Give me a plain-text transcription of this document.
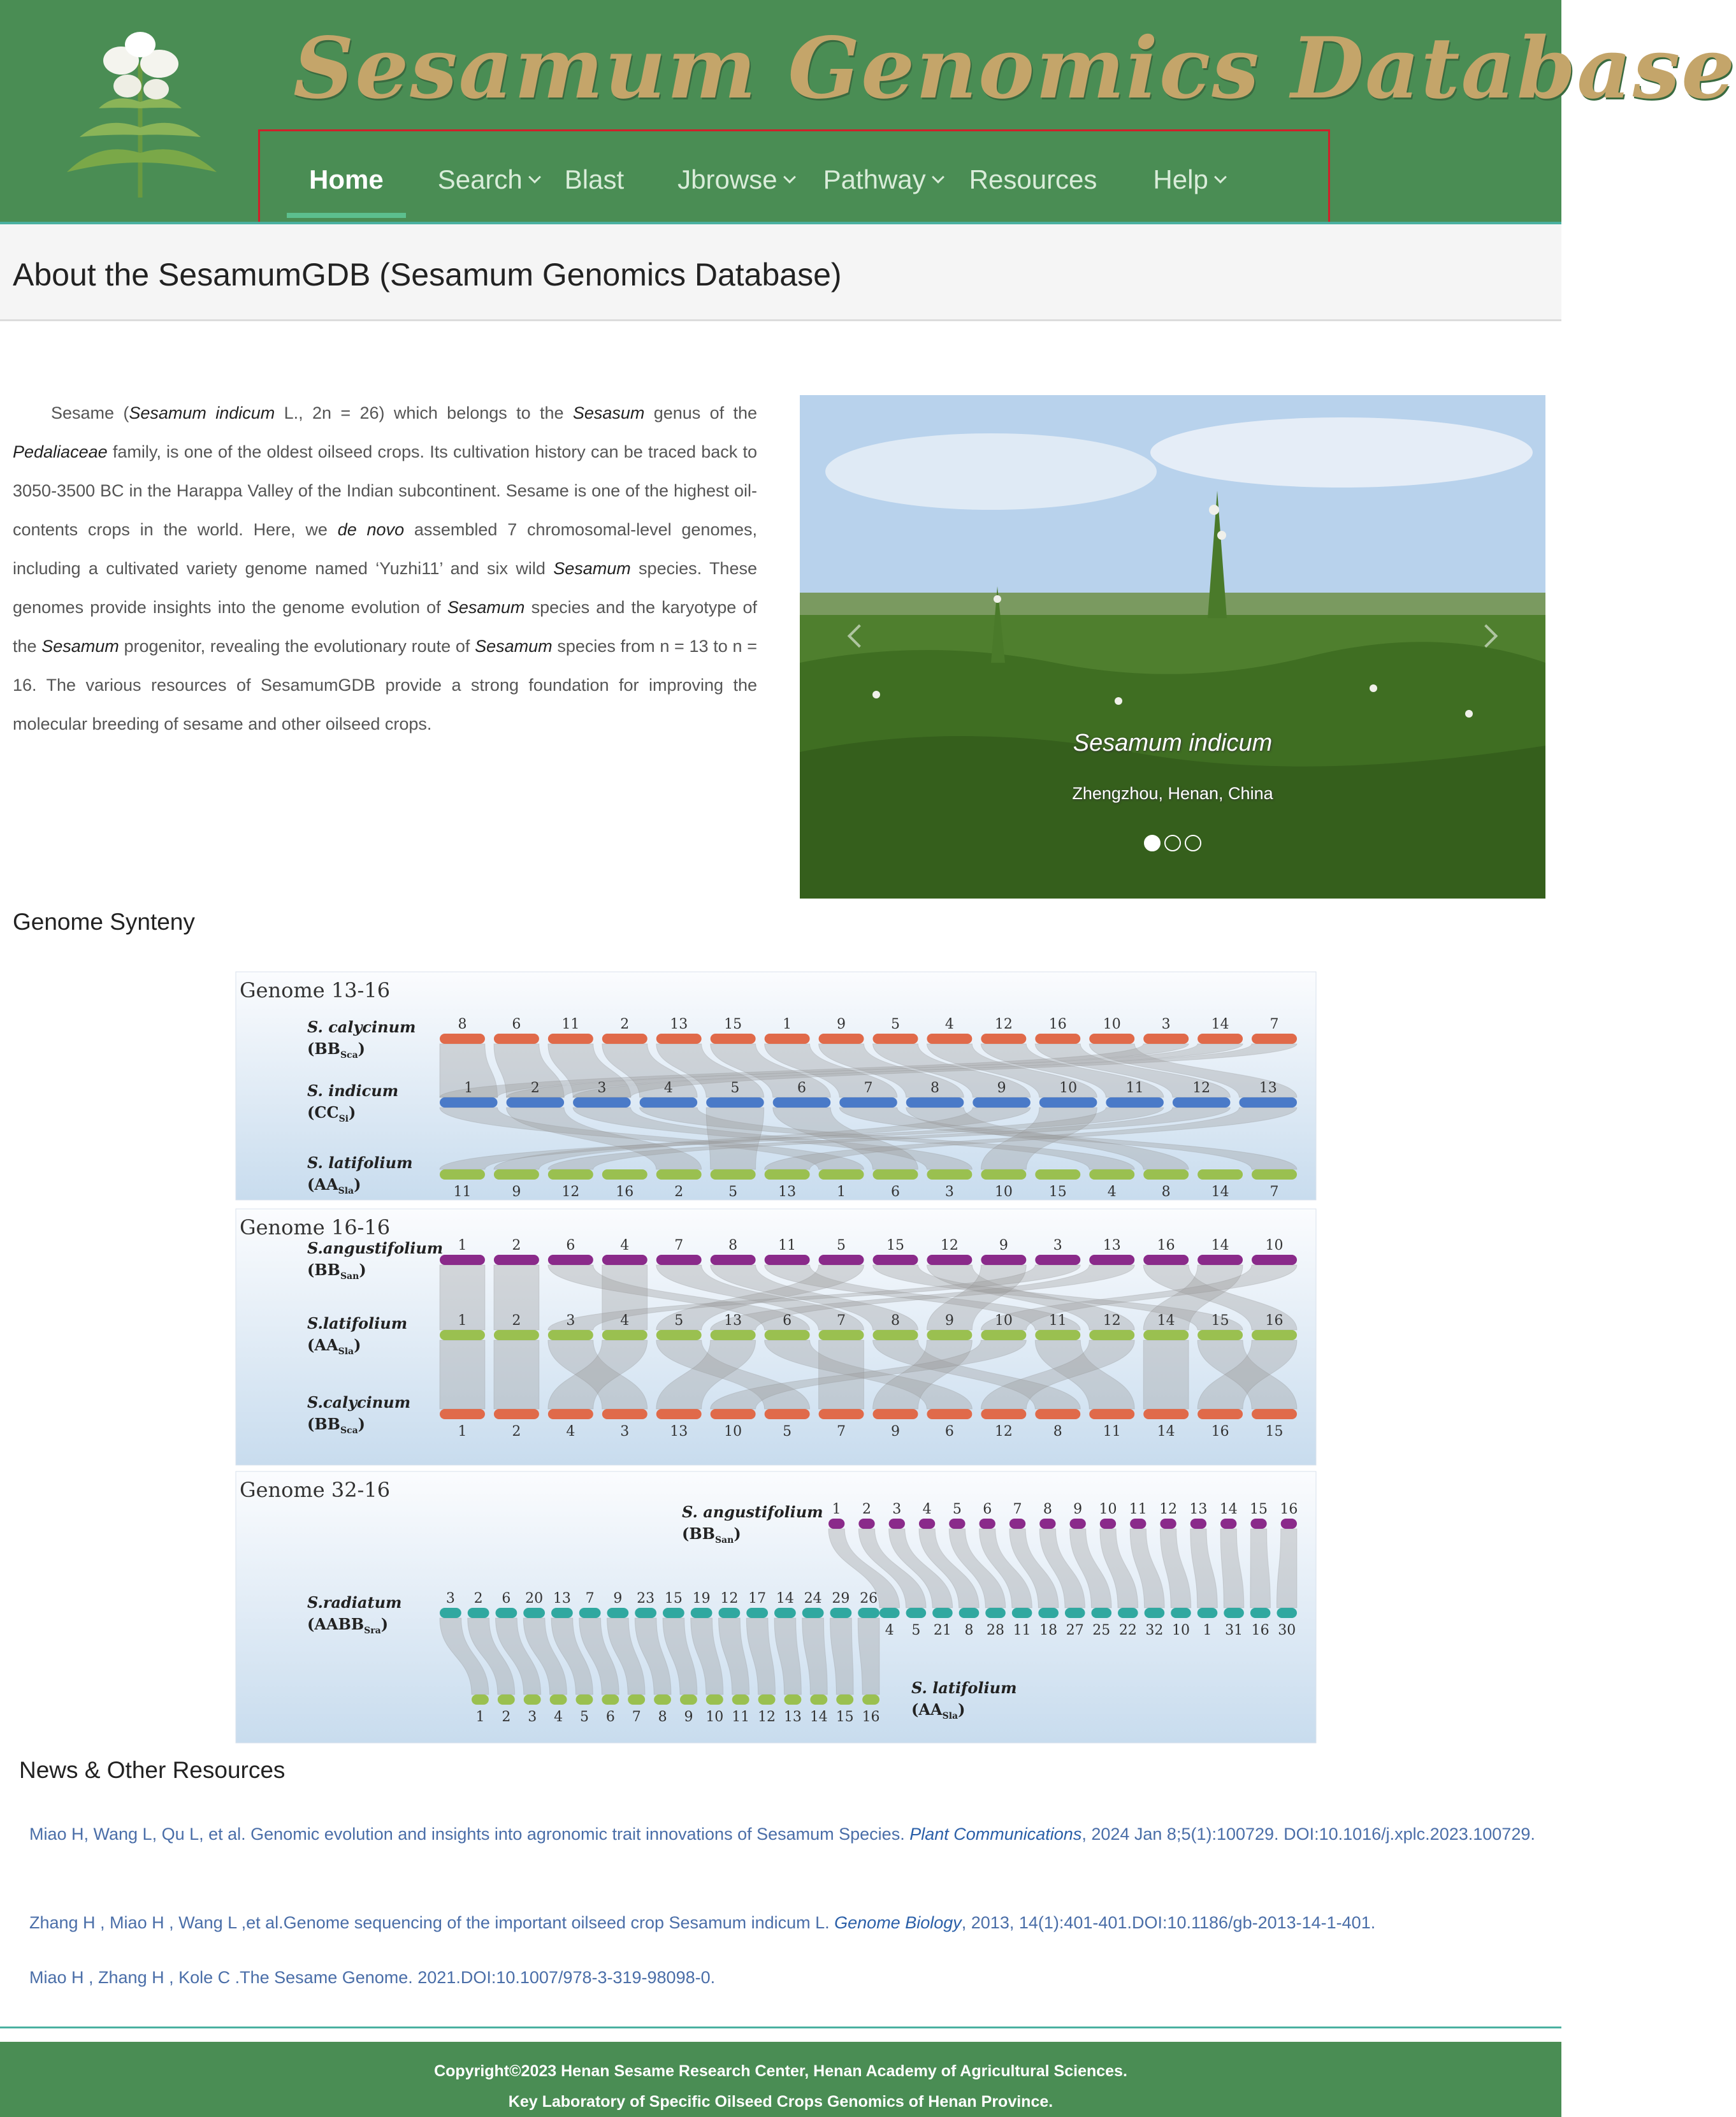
Sesamum Genomics Database
Home Search Blast Jbrowse Pathway Resources Help
About the SesamumGDB (Sesamum Genomics Database)

Sesame (Sesamum indicum L., 2n = 26) which belongs to the Sesasum genus of the Pedaliaceae family, is one of the oldest oilseed crops. Its cultivation history can be traced back to 3050-3500 BC in the Harappa Valley of the Indian subcontinent. Sesame is one of the highest oil-contents crops in the world. Here, we de novo assembled 7 chromosomal-level genomes, including a cultivated variety genome named ‘Yuzhi11’ and six wild Sesamum species. These genomes provide insights into the genome evolution of Sesamum species and the karyotype of the Sesamum progenitor, revealing the evolutionary route of Sesamum species from n = 13 to n = 16. The various resources of SesamumGDB provide a strong foundation for improving the molecular breeding of sesame and other oilseed crops.

Sesamum indicum
Zhengzhou, Henan, China
Genome Synteny
Genome 13-16
Genome 16-16
Genome 32-16
S. calycinum
$(BB_{Sca})$
8	6	11	2	13	15	1	9	5	4	12	16	10	3	14	7
S. indicum
$(CC_{Si})$
1	2	3	4	5	6	7	8	9	10	11	12	13
S. latifolium
$(AA_{Sla})$	11	9	12	16	2	5	13	1	6	3	10	15	4	8	14	7
S.angustifolium
$(BB_{San})$
1	2	6	4	7	8	11	5	15	12	9	3	13	16	14	10
S.latifolium
$(AA_{Sla})$
1	2	3	4	5	13	6	7	8	9	10	11	12	14	15	16
S.calycinum
$(BB_{Sca})$	1	2	4	3	13	10	5	7	9	6	12	8	11	14	16	15
S. angustifolium
$(BB_{San})$
1 2 3 4 5 6 7 8 9 10 11 12 13 14 15 16
S.radiatum
$(AABB_{Sra})$
3 2 6 20 13 7 9 23 15 19 12 17 14 24 29 26
4 5 21 8 28 11 18 27 25 22 32 10 1 31 16 30
1 2 3 4 5 6 7 8 9 10 11 12 13 14 15 16
S. latifolium
$(AA_{Sla})$
News & Other Resources
Miao H, Wang L, Qu L, et al. Genomic evolution and insights into agronomic trait innovations of Sesamum Species. Plant Communications, 2024 Jan 8;5(1):100729. DOI:10.1016/j.xplc.2023.100729.
Zhang H , Miao H , Wang L ,et al.Genome sequencing of the important oilseed crop Sesamum indicum L. Genome Biology, 2013, 14(1):401-401.DOI:10.1186/gb-2013-14-1-401.
Miao H , Zhang H , Kole C .The Sesame Genome. 2021.DOI:10.1007/978-3-319-98098-0.
Copyright©2023 Henan Sesame Research Center, Henan Academy of Agricultural Sciences.
Key Laboratory of Specific Oilseed Crops Genomics of Henan Province.
